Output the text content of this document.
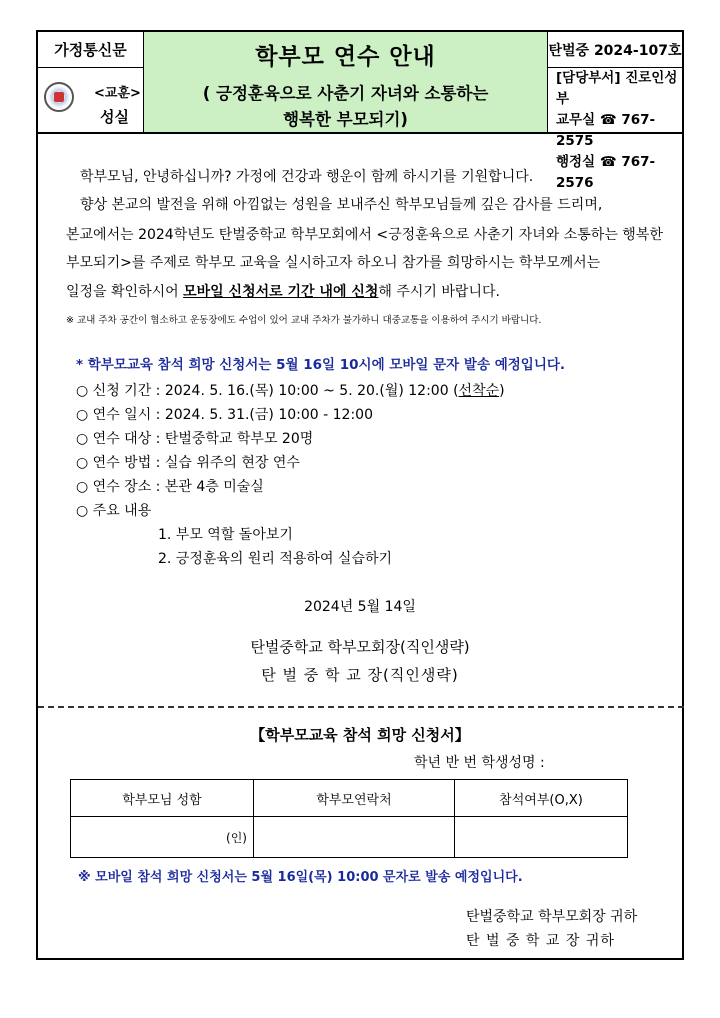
가정통신문
<교훈>
성실
학부모 연수 안내
( 긍정훈육으로 사춘기 자녀와 소통하는
행복한 부모되기)
탄벌중 2024-107호
[담당부서] 진로인성부
교무실 ☎ 767-2575
행정실 ☎ 767-2576
학부모님, 안녕하십니까? 가정에 건강과 행운이 함께 하시기를 기원합니다.
향상 본교의 발전을 위해 아낌없는 성원을 보내주신 학부모님들께 깊은 감사를 드리며,
본교에서는 2024학년도 탄벌중학교 학부모회에서 <긍정훈육으로 사춘기 자녀와 소통하는 행복한
부모되기>를 주제로 학부모 교육을 실시하고자 하오니 참가를 희망하시는 학부모께서는
일정을 확인하시어 모바일 신청서로 기간 내에 신청해 주시기 바랍니다.
※ 교내 주차 공간이 협소하고 운동장에도 수업이 있어 교내 주차가 불가하니 대중교통을 이용하여 주시기 바랍니다.
* 학부모교육 참석 희망 신청서는 5월 16일 10시에 모바일 문자 발송 예정입니다.
○ 신청 기간 : 2024. 5. 16.(목) 10:00 ~ 5. 20.(월) 12:00 (선착순)
○ 연수 일시 : 2024. 5. 31.(금) 10:00 - 12:00
○ 연수 대상 : 탄벌중학교 학부모 20명
○ 연수 방법 : 실습 위주의 현장 연수
○ 연수 장소 : 본관 4층 미술실
○ 주요 내용
1. 부모 역할 돌아보기
2. 긍정훈육의 원리 적용하여 실습하기
2024년 5월 14일
탄벌중학교 학부모회장(직인생략)
탄 벌 중 학 교 장(직인생략)
【학부모교육 참석 희망 신청서】
학년 반 번 학생성명 :
학부모님 성함	학부모연락처	참석여부(O,X)
(인)		
※ 모바일 참석 희망 신청서는 5월 16일(목) 10:00 문자로 발송 예정입니다.
탄벌중학교 학부모회장 귀하
탄 벌 중 학 교 장 귀하
